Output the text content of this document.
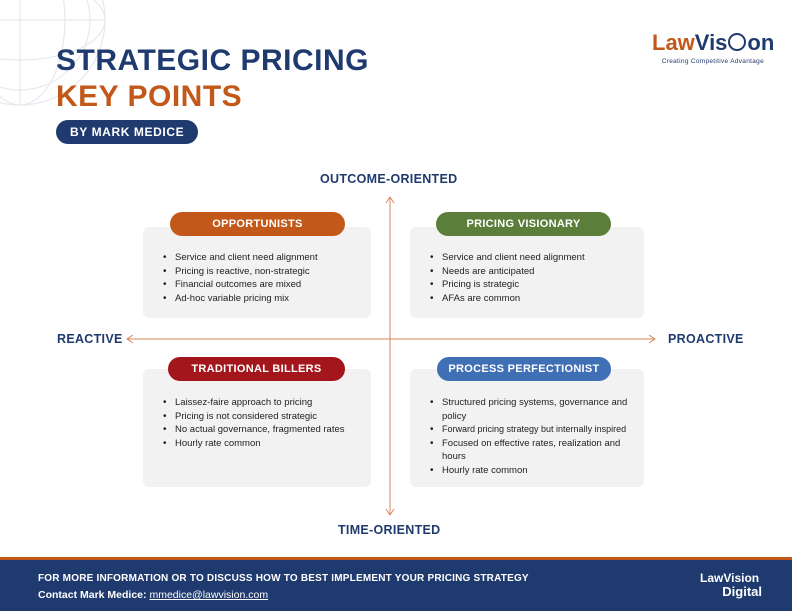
STRATEGIC PRICING
KEY POINTS
BY MARK MEDICE
LawVis on
Creating Competitive Advantage
OUTCOME-ORIENTED
TIME-ORIENTED
REACTIVE	PROACTIVE
• Service and client need alignment
• Pricing is reactive, non-strategic
• Financial outcomes are mixed
• Ad-hoc variable pricing mix
OPPORTUNISTS
• Service and client need alignment
• Needs are anticipated
• Pricing is strategic
• AFAs are common
PRICING VISIONARY
• Laissez-faire approach to pricing
• Pricing is not considered strategic
• No actual governance, fragmented rates
• Hourly rate common
TRADITIONAL BILLERS
• Structured pricing systems, governance and policy
• Forward pricing strategy but internally inspired
• Focused on effective rates, realization and hours
• Hourly rate common
PROCESS PERFECTIONIST
FOR MORE INFORMATION OR TO DISCUSS HOW TO BEST IMPLEMENT YOUR PRICING STRATEGY
Contact Mark Medice: mmedice@lawvision.com
LawVision
Digital
